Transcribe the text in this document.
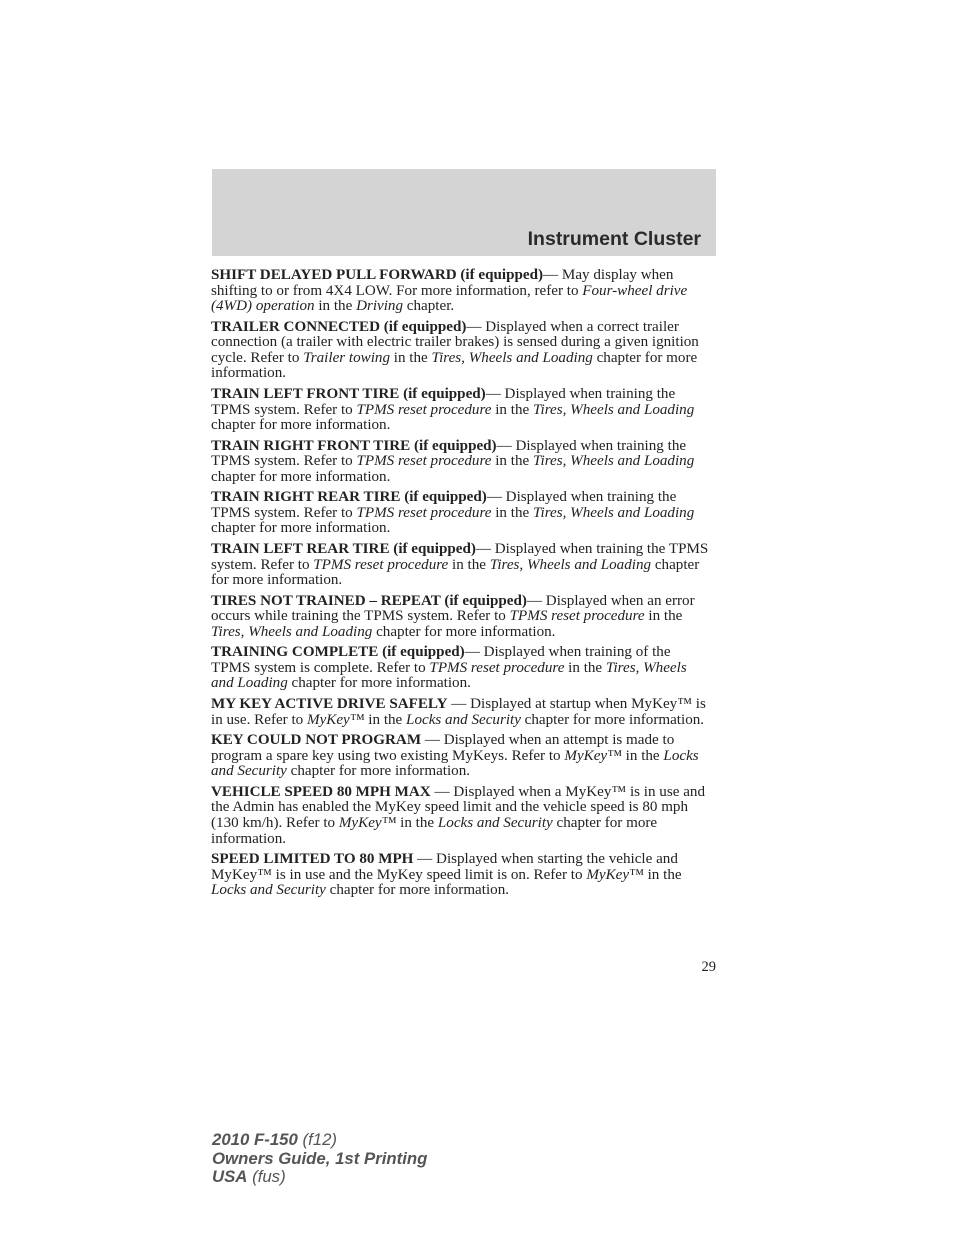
Instrument Cluster

SHIFT DELAYED PULL FORWARD (if equipped)— May display when shifting to or from 4X4 LOW. For more information, refer to Four-wheel drive (4WD) operation in the Driving chapter.

TRAILER CONNECTED (if equipped)— Displayed when a correct trailer connection (a trailer with electric trailer brakes) is sensed during a given ignition cycle. Refer to Trailer towing in the Tires, Wheels and Loading chapter for more information.

TRAIN LEFT FRONT TIRE (if equipped)— Displayed when training the TPMS system. Refer to TPMS reset procedure in the Tires, Wheels and Loading chapter for more information.

TRAIN RIGHT FRONT TIRE (if equipped)— Displayed when training the TPMS system. Refer to TPMS reset procedure in the Tires, Wheels and Loading chapter for more information.

TRAIN RIGHT REAR TIRE (if equipped)— Displayed when training the TPMS system. Refer to TPMS reset procedure in the Tires, Wheels and Loading chapter for more information.

TRAIN LEFT REAR TIRE (if equipped)— Displayed when training the TPMS system. Refer to TPMS reset procedure in the Tires, Wheels and Loading chapter for more information.

TIRES NOT TRAINED – REPEAT (if equipped)— Displayed when an error occurs while training the TPMS system. Refer to TPMS reset procedure in the Tires, Wheels and Loading chapter for more information.

TRAINING COMPLETE (if equipped)— Displayed when training of the TPMS system is complete. Refer to TPMS reset procedure in the Tires, Wheels and Loading chapter for more information.

MY KEY ACTIVE DRIVE SAFELY — Displayed at startup when MyKey™ is in use. Refer to MyKey™ in the Locks and Security chapter for more information.

KEY COULD NOT PROGRAM — Displayed when an attempt is made to program a spare key using two existing MyKeys. Refer to MyKey™ in the Locks and Security chapter for more information.

VEHICLE SPEED 80 MPH MAX — Displayed when a MyKey™ is in use and the Admin has enabled the MyKey speed limit and the vehicle speed is 80 mph (130 km/h). Refer to MyKey™ in the Locks and Security chapter for more information.

SPEED LIMITED TO 80 MPH — Displayed when starting the vehicle and MyKey™ is in use and the MyKey speed limit is on. Refer to MyKey™ in the Locks and Security chapter for more information.

29
2010 F-150 (f12)
Owners Guide, 1st Printing
USA (fus)
